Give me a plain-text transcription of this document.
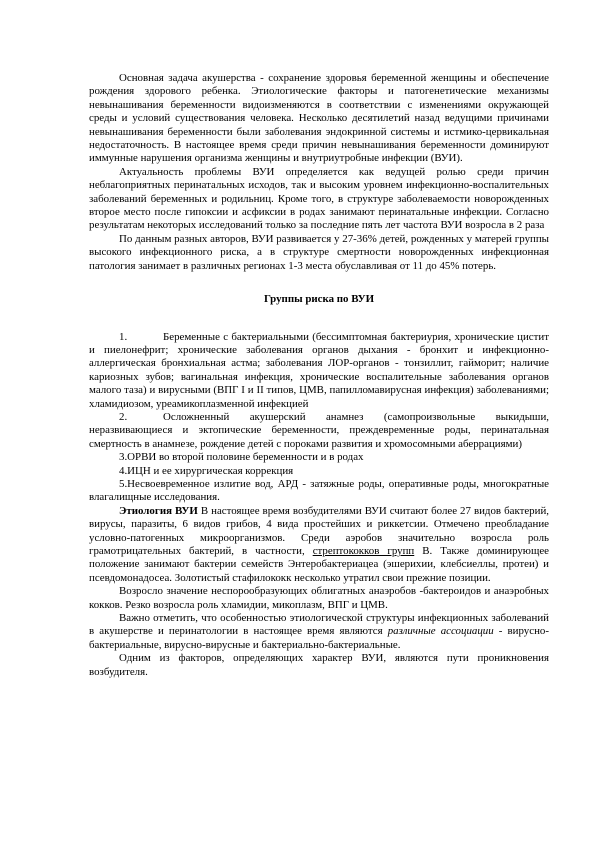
Основная задача акушерства - сохранение здоровья беременной женщины и обеспечение рождения здорового ребенка. Этиологические факторы и патогенетические механизмы невынашивания беременности видоизменяются в соответствии с изменениями окружающей среды и условий существования человека. Несколько десятилетий назад ведущими причинами невынашивания беременности были заболевания эндокринной системы и истмико-цервикальная недостаточность. В настоящее время среди причин невынашивания беременности доминируют иммунные нарушения организма женщины и внутриутробные инфекции (ВУИ).

Актуальность проблемы ВУИ определяется как ведущей ролью среди причин неблагоприятных перинатальных исходов, так и высоким уровнем инфекционно-воспалительных заболеваний беременных и родильниц. Кроме того, в структуре заболеваемости новорожденных второе место после гипоксии и асфиксии в родах занимают перинатальные инфекции. Согласно результатам некоторых исследований только за последние пять лет частота ВУИ возросла в 2 раза

По данным разных авторов, ВУИ развивается у 27-36% детей, рожденных у матерей группы высокого инфекционного риска, а в структуре смертности новорожденных инфекционная патология занимает в различных регионах 1-3 места обуславливая от 11 до 45% потерь.

Группы риска по ВУИ

1.	Беременные с бактериальными (бессимптомная бактериурия, хронические цистит и пиелонефрит; хронические заболевания органов дыхания - бронхит и инфекционно-аллергическая бронхиальная астма; заболевания ЛОР-органов - тонзиллит, гайморит; наличие кариозных зубов; вагинальная инфекция, хронические воспалительные заболевания органов малого таза) и вирусными (ВПГ I и II типов, ЦМВ, папилломавирусная инфекция) заболеваниями; хламидиозом, уреамикоплазменной инфекцией

2.	Осложненный акушерский анамнез (самопроизвольные выкидыши, неразвивающиеся и эктопические беременности, преждевременные роды, перинатальная смертность в анамнезе, рождение детей с пороками развития и хромосомными аберрациями)

3.ОРВИ во второй половине беременности и в родах

4.ИЦН и ее хирургическая коррекция

5.Несвоевременное излитие вод, АРД - затяжные роды, оперативные роды, многократные влагалищные исследования.

Этиология ВУИ В настоящее время возбудителями ВУИ считают более 27 видов бактерий, вирусы, паразиты, 6 видов грибов, 4 вида простейших и риккетсии. Отмечено преобладание условно-патогенных микроорганизмов. Среди аэробов значительно возросла роль грамотрицательных бактерий, в частности, стрептококков групп В. Также доминирующее положение занимают бактерии семейств Энтеробактериацеа (эшерихии, клебсиеллы, протеи) и псевдомонадосеа. Золотистый стафилококк несколько утратил свои прежние позиции.

Возросло значение неспорообразующих облигатных анаэробов -бактероидов и анаэробных кокков. Резко возросла роль хламидии, микоплазм, ВПГ и ЦМВ.

Важно отметить, что особенностью этиологической структуры инфекционных заболеваний в акушерстве и перинатологии в настоящее время являются различные ассоциации - вирусно-бактериальные, вирусно-вирусные и бактериально-бактериальные.

Одним из факторов, определяющих характер ВУИ, являются пути проникновения возбудителя.
